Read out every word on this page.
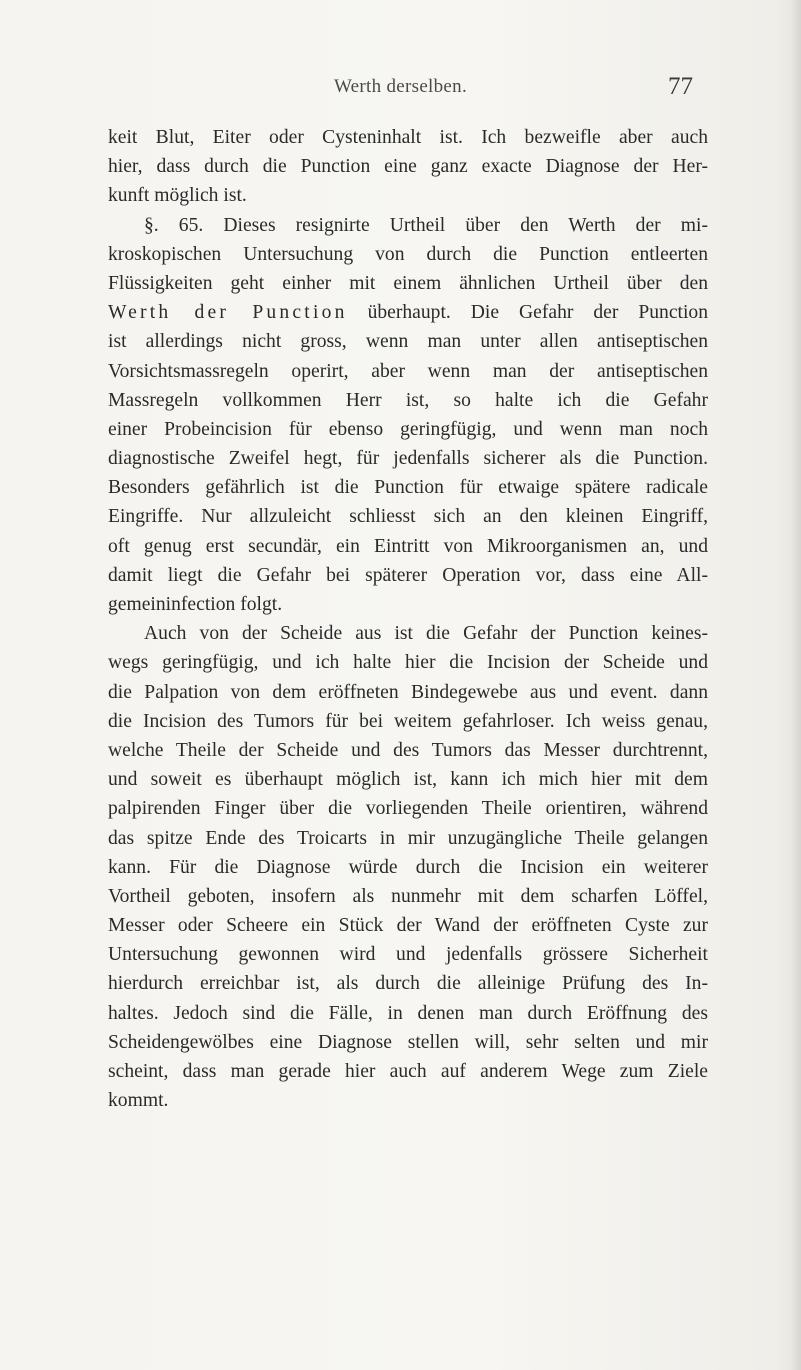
Werth derselben.	77
keit Blut, Eiter oder Cysteninhalt ist. Ich bezweifle aber auch
hier, dass durch die Punction eine ganz exacte Diagnose der Her-
kunft möglich ist.
§. 65. Dieses resignirte Urtheil über den Werth der mi-
kroskopischen Untersuchung von durch die Punction entleerten
Flüssigkeiten geht einher mit einem ähnlichen Urtheil über den
Werth der Punction überhaupt. Die Gefahr der Punction
ist allerdings nicht gross, wenn man unter allen antiseptischen
Vorsichtsmassregeln operirt, aber wenn man der antiseptischen
Massregeln vollkommen Herr ist, so halte ich die Gefahr
einer Probeincision für ebenso geringfügig, und wenn man noch
diagnostische Zweifel hegt, für jedenfalls sicherer als die Punction.
Besonders gefährlich ist die Punction für etwaige spätere radicale
Eingriffe. Nur allzuleicht schliesst sich an den kleinen Eingriff,
oft genug erst secundär, ein Eintritt von Mikroorganismen an, und
damit liegt die Gefahr bei späterer Operation vor, dass eine All-
gemeininfection folgt.
Auch von der Scheide aus ist die Gefahr der Punction keines-
wegs geringfügig, und ich halte hier die Incision der Scheide und
die Palpation von dem eröffneten Bindegewebe aus und event. dann
die Incision des Tumors für bei weitem gefahrloser. Ich weiss genau,
welche Theile der Scheide und des Tumors das Messer durchtrennt,
und soweit es überhaupt möglich ist, kann ich mich hier mit dem
palpirenden Finger über die vorliegenden Theile orientiren, während
das spitze Ende des Troicarts in mir unzugängliche Theile gelangen
kann. Für die Diagnose würde durch die Incision ein weiterer
Vortheil geboten, insofern als nunmehr mit dem scharfen Löffel,
Messer oder Scheere ein Stück der Wand der eröffneten Cyste zur
Untersuchung gewonnen wird und jedenfalls grössere Sicherheit
hierdurch erreichbar ist, als durch die alleinige Prüfung des In-
haltes. Jedoch sind die Fälle, in denen man durch Eröffnung des
Scheidengewölbes eine Diagnose stellen will, sehr selten und mir
scheint, dass man gerade hier auch auf anderem Wege zum Ziele
kommt.
